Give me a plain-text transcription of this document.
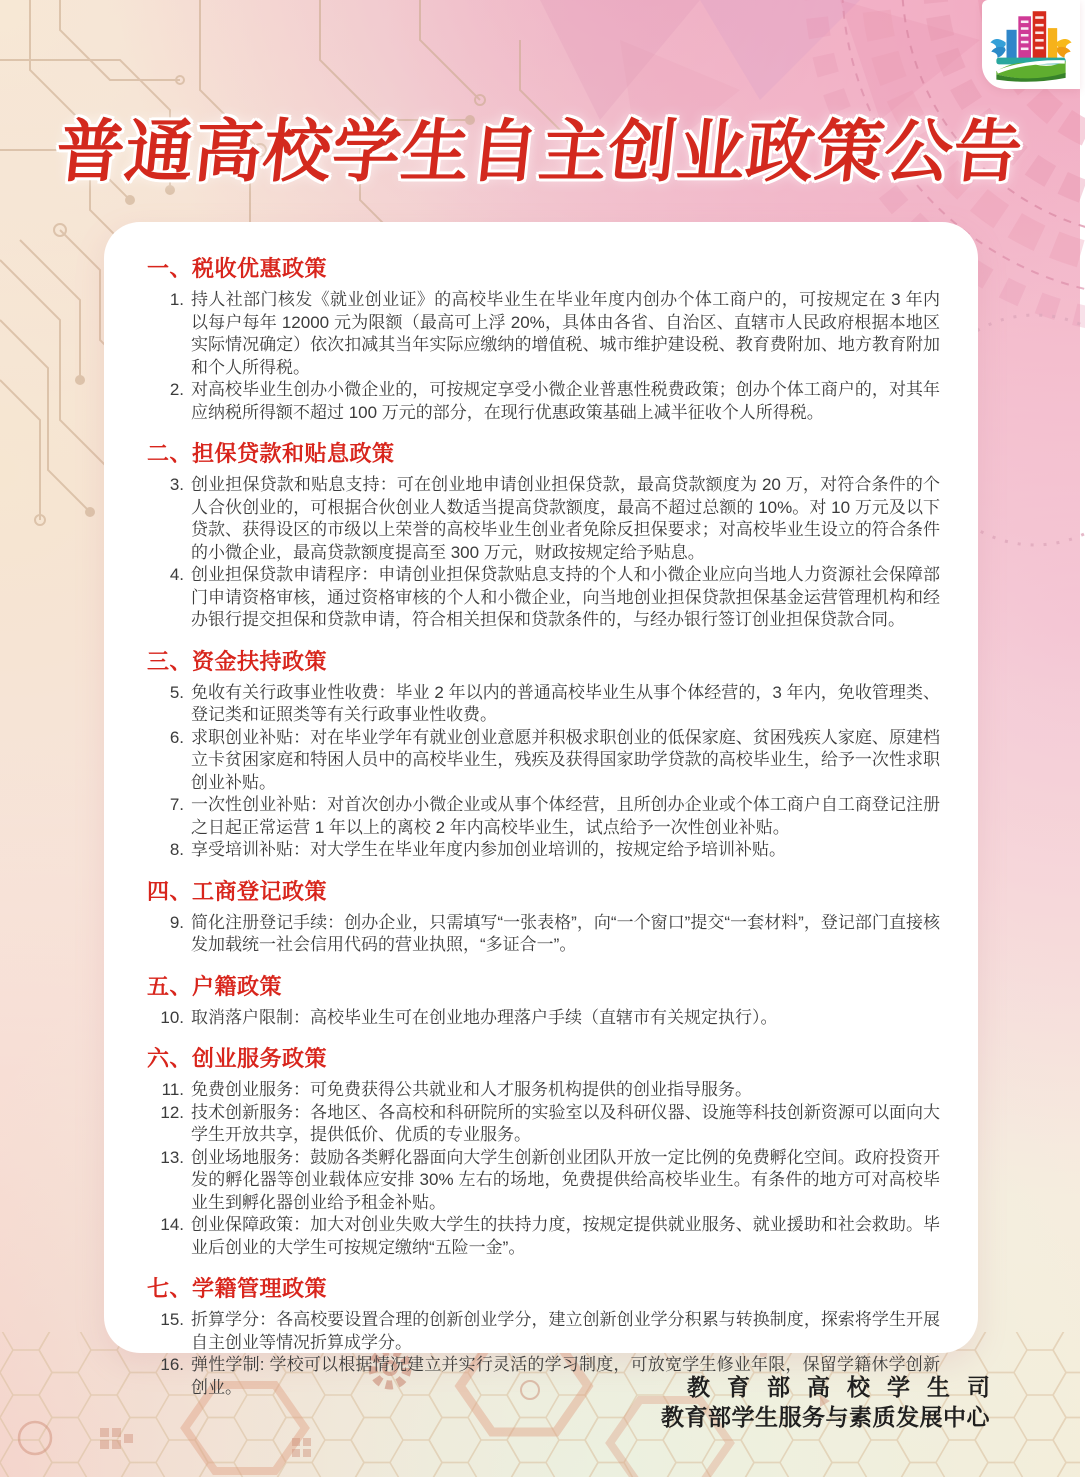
普通高校学生自主创业政策公告
一、税收优惠政策
1. 持人社部门核发《就业创业证》的高校毕业生在毕业年度内创办个体工商户的，可按规定在 3 年内以每户每年 12000 元为限额（最高可上浮 20%，具体由各省、自治区、直辖市人民政府根据本地区实际情况确定）依次扣减其当年实际应缴纳的增值税、城市维护建设税、教育费附加、地方教育附加和个人所得税。
2. 对高校毕业生创办小微企业的，可按规定享受小微企业普惠性税费政策；创办个体工商户的，对其年应纳税所得额不超过 100 万元的部分，在现行优惠政策基础上减半征收个人所得税。
二、担保贷款和贴息政策
3. 创业担保贷款和贴息支持：可在创业地申请创业担保贷款，最高贷款额度为 20 万，对符合条件的个人合伙创业的，可根据合伙创业人数适当提高贷款额度，最高不超过总额的 10%。对 10 万元及以下贷款、获得设区的市级以上荣誉的高校毕业生创业者免除反担保要求；对高校毕业生设立的符合条件的小微企业，最高贷款额度提高至 300 万元，财政按规定给予贴息。
4. 创业担保贷款申请程序：申请创业担保贷款贴息支持的个人和小微企业应向当地人力资源社会保障部门申请资格审核，通过资格审核的个人和小微企业，向当地创业担保贷款担保基金运营管理机构和经办银行提交担保和贷款申请，符合相关担保和贷款条件的，与经办银行签订创业担保贷款合同。
三、资金扶持政策
5. 免收有关行政事业性收费：毕业 2 年以内的普通高校毕业生从事个体经营的，3 年内，免收管理类、登记类和证照类等有关行政事业性收费。
6. 求职创业补贴：对在毕业学年有就业创业意愿并积极求职创业的低保家庭、贫困残疾人家庭、原建档立卡贫困家庭和特困人员中的高校毕业生，残疾及获得国家助学贷款的高校毕业生，给予一次性求职创业补贴。
7. 一次性创业补贴：对首次创办小微企业或从事个体经营，且所创办企业或个体工商户自工商登记注册之日起正常运营 1 年以上的离校 2 年内高校毕业生，试点给予一次性创业补贴。
8. 享受培训补贴：对大学生在毕业年度内参加创业培训的，按规定给予培训补贴。
四、工商登记政策
9. 简化注册登记手续：创办企业，只需填写“一张表格”，向“一个窗口”提交“一套材料”，登记部门直接核发加载统一社会信用代码的营业执照，“多证合一”。
五、户籍政策
10. 取消落户限制：高校毕业生可在创业地办理落户手续（直辖市有关规定执行）。
六、创业服务政策
11. 免费创业服务：可免费获得公共就业和人才服务机构提供的创业指导服务。
12. 技术创新服务：各地区、各高校和科研院所的实验室以及科研仪器、设施等科技创新资源可以面向大学生开放共享，提供低价、优质的专业服务。
13. 创业场地服务：鼓励各类孵化器面向大学生创新创业团队开放一定比例的免费孵化空间。政府投资开发的孵化器等创业载体应安排 30% 左右的场地，免费提供给高校毕业生。有条件的地方可对高校毕业生到孵化器创业给予租金补贴。
14. 创业保障政策：加大对创业失败大学生的扶持力度，按规定提供就业服务、就业援助和社会救助。毕业后创业的大学生可按规定缴纳“五险一金”。
七、学籍管理政策
15. 折算学分：各高校要设置合理的创新创业学分，建立创新创业学分积累与转换制度，探索将学生开展自主创业等情况折算成学分。
16. 弹性学制: 学校可以根据情况建立并实行灵活的学习制度，可放宽学生修业年限，保留学籍休学创新创业。	教育部高校学生司
教育部学生服务与素质发展中心
